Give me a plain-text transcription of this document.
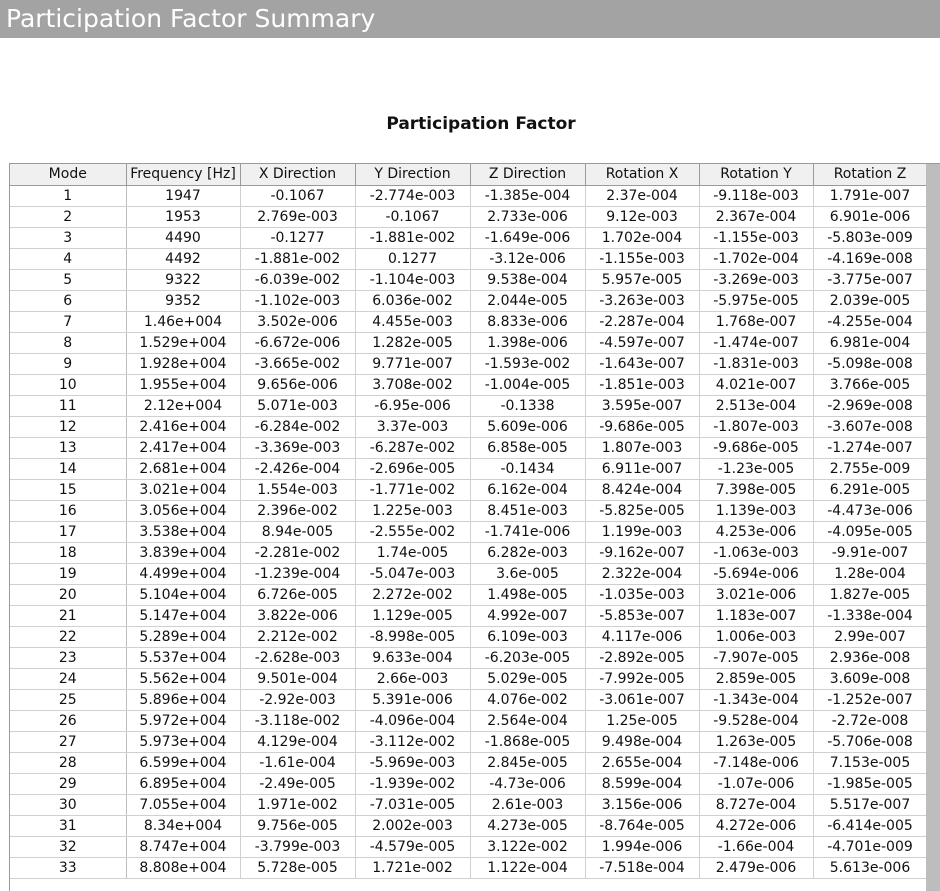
Participation Factor Summary
Participation Factor
Mode	Frequency [Hz]	X Direction	Y Direction	Z Direction	Rotation X	Rotation Y	Rotation Z
1	1947	-0.1067	-2.774e-003	-1.385e-004	2.37e-004	-9.118e-003	1.791e-007
2	1953	2.769e-003	-0.1067	2.733e-006	9.12e-003	2.367e-004	6.901e-006
3	4490	-0.1277	-1.881e-002	-1.649e-006	1.702e-004	-1.155e-003	-5.803e-009
4	4492	-1.881e-002	0.1277	-3.12e-006	-1.155e-003	-1.702e-004	-4.169e-008
5	9322	-6.039e-002	-1.104e-003	9.538e-004	5.957e-005	-3.269e-003	-3.775e-007
6	9352	-1.102e-003	6.036e-002	2.044e-005	-3.263e-003	-5.975e-005	2.039e-005
7	1.46e+004	3.502e-006	4.455e-003	8.833e-006	-2.287e-004	1.768e-007	-4.255e-004
8	1.529e+004	-6.672e-006	1.282e-005	1.398e-006	-4.597e-007	-1.474e-007	6.981e-004
9	1.928e+004	-3.665e-002	9.771e-007	-1.593e-002	-1.643e-007	-1.831e-003	-5.098e-008
10	1.955e+004	9.656e-006	3.708e-002	-1.004e-005	-1.851e-003	4.021e-007	3.766e-005
11	2.12e+004	5.071e-003	-6.95e-006	-0.1338	3.595e-007	2.513e-004	-2.969e-008
12	2.416e+004	-6.284e-002	3.37e-003	5.609e-006	-9.686e-005	-1.807e-003	-3.607e-008
13	2.417e+004	-3.369e-003	-6.287e-002	6.858e-005	1.807e-003	-9.686e-005	-1.274e-007
14	2.681e+004	-2.426e-004	-2.696e-005	-0.1434	6.911e-007	-1.23e-005	2.755e-009
15	3.021e+004	1.554e-003	-1.771e-002	6.162e-004	8.424e-004	7.398e-005	6.291e-005
16	3.056e+004	2.396e-002	1.225e-003	8.451e-003	-5.825e-005	1.139e-003	-4.473e-006
17	3.538e+004	8.94e-005	-2.555e-002	-1.741e-006	1.199e-003	4.253e-006	-4.095e-005
18	3.839e+004	-2.281e-002	1.74e-005	6.282e-003	-9.162e-007	-1.063e-003	-9.91e-007
19	4.499e+004	-1.239e-004	-5.047e-003	3.6e-005	2.322e-004	-5.694e-006	1.28e-004
20	5.104e+004	6.726e-005	2.272e-002	1.498e-005	-1.035e-003	3.021e-006	1.827e-005
21	5.147e+004	3.822e-006	1.129e-005	4.992e-007	-5.853e-007	1.183e-007	-1.338e-004
22	5.289e+004	2.212e-002	-8.998e-005	6.109e-003	4.117e-006	1.006e-003	2.99e-007
23	5.537e+004	-2.628e-003	9.633e-004	-6.203e-005	-2.892e-005	-7.907e-005	2.936e-008
24	5.562e+004	9.501e-004	2.66e-003	5.029e-005	-7.992e-005	2.859e-005	3.609e-008
25	5.896e+004	-2.92e-003	5.391e-006	4.076e-002	-3.061e-007	-1.343e-004	-1.252e-007
26	5.972e+004	-3.118e-002	-4.096e-004	2.564e-004	1.25e-005	-9.528e-004	-2.72e-008
27	5.973e+004	4.129e-004	-3.112e-002	-1.868e-005	9.498e-004	1.263e-005	-5.706e-008
28	6.599e+004	-1.61e-004	-5.969e-003	2.845e-005	2.655e-004	-7.148e-006	7.153e-005
29	6.895e+004	-2.49e-005	-1.939e-002	-4.73e-006	8.599e-004	-1.07e-006	-1.985e-005
30	7.055e+004	1.971e-002	-7.031e-005	2.61e-003	3.156e-006	8.727e-004	5.517e-007
31	8.34e+004	9.756e-005	2.002e-003	4.273e-005	-8.764e-005	4.272e-006	-6.414e-005
32	8.747e+004	-3.799e-003	-4.579e-005	3.122e-002	1.994e-006	-1.66e-004	-4.701e-009
33	8.808e+004	5.728e-005	1.721e-002	1.122e-004	-7.518e-004	2.479e-006	5.613e-006
